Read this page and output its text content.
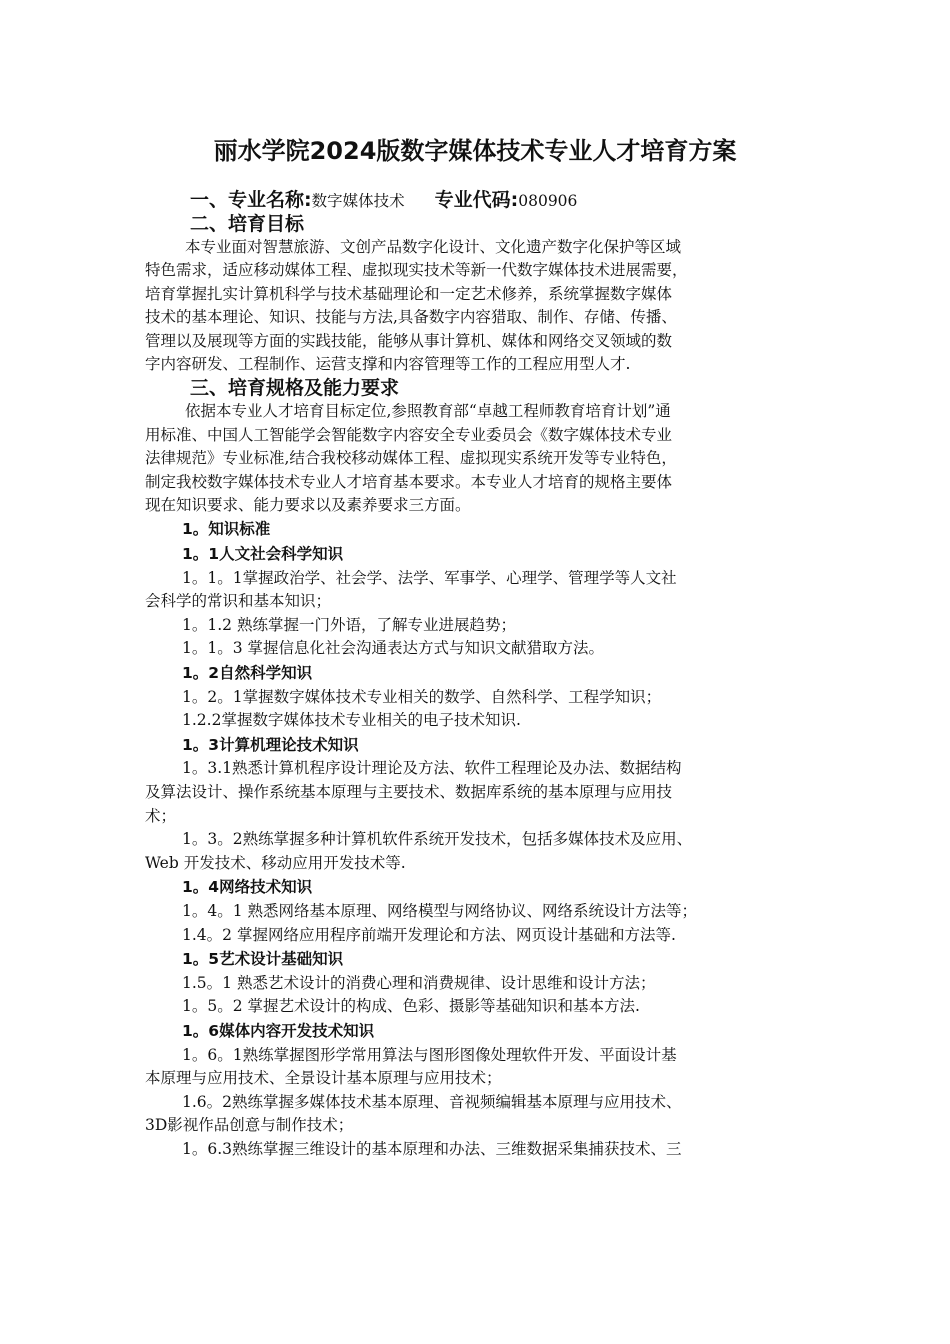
丽水学院2024版数字媒体技术专业人才培育方案
一、专业名称:数字媒体技术 专业代码:080906
二、培育目标
本专业面对智慧旅游、文创产品数字化设计、文化遗产数字化保护等区域
特色需求，适应移动媒体工程、虚拟现实技术等新一代数字媒体技术进展需要，
培育掌握扎实计算机科学与技术基础理论和一定艺术修养，系统掌握数字媒体
技术的基本理论、知识、技能与方法,具备数字内容猎取、制作、存储、传播、
管理以及展现等方面的实践技能，能够从事计算机、媒体和网络交叉领域的数
字内容研发、工程制作、运营支撑和内容管理等工作的工程应用型人才.
三、培育规格及能力要求
依据本专业人才培育目标定位,参照教育部“卓越工程师教育培育计划”通
用标准、中国人工智能学会智能数字内容安全专业委员会《数字媒体技术专业
法律规范》专业标准,结合我校移动媒体工程、虚拟现实系统开发等专业特色，
制定我校数字媒体技术专业人才培育基本要求。本专业人才培育的规格主要体
现在知识要求、能力要求以及素养要求三方面。
1。知识标准
1。1人文社会科学知识
1。1。1掌握政治学、社会学、法学、军事学、心理学、管理学等人文社
会科学的常识和基本知识；
1。1.2 熟练掌握一门外语，了解专业进展趋势；
1。1。3 掌握信息化社会沟通表达方式与知识文献猎取方法。
1。2自然科学知识
1。2。1掌握数字媒体技术专业相关的数学、自然科学、工程学知识；
1.2.2掌握数字媒体技术专业相关的电子技术知识.
1。3计算机理论技术知识
1。3.1熟悉计算机程序设计理论及方法、软件工程理论及办法、数据结构
及算法设计、操作系统基本原理与主要技术、数据库系统的基本原理与应用技
术；
1。3。2熟练掌握多种计算机软件系统开发技术，包括多媒体技术及应用、
Web 开发技术、移动应用开发技术等.
1。4网络技术知识
1。4。1 熟悉网络基本原理、网络模型与网络协议、网络系统设计方法等；
1.4。2 掌握网络应用程序前端开发理论和方法、网页设计基础和方法等.
1。5艺术设计基础知识
1.5。1 熟悉艺术设计的消费心理和消费规律、设计思维和设计方法；
1。5。2 掌握艺术设计的构成、色彩、摄影等基础知识和基本方法.
1。6媒体内容开发技术知识
1。6。1熟练掌握图形学常用算法与图形图像处理软件开发、平面设计基
本原理与应用技术、全景设计基本原理与应用技术；
1.6。2熟练掌握多媒体技术基本原理、音视频编辑基本原理与应用技术、
3D影视作品创意与制作技术；
1。6.3熟练掌握三维设计的基本原理和办法、三维数据采集捕获技术、三
